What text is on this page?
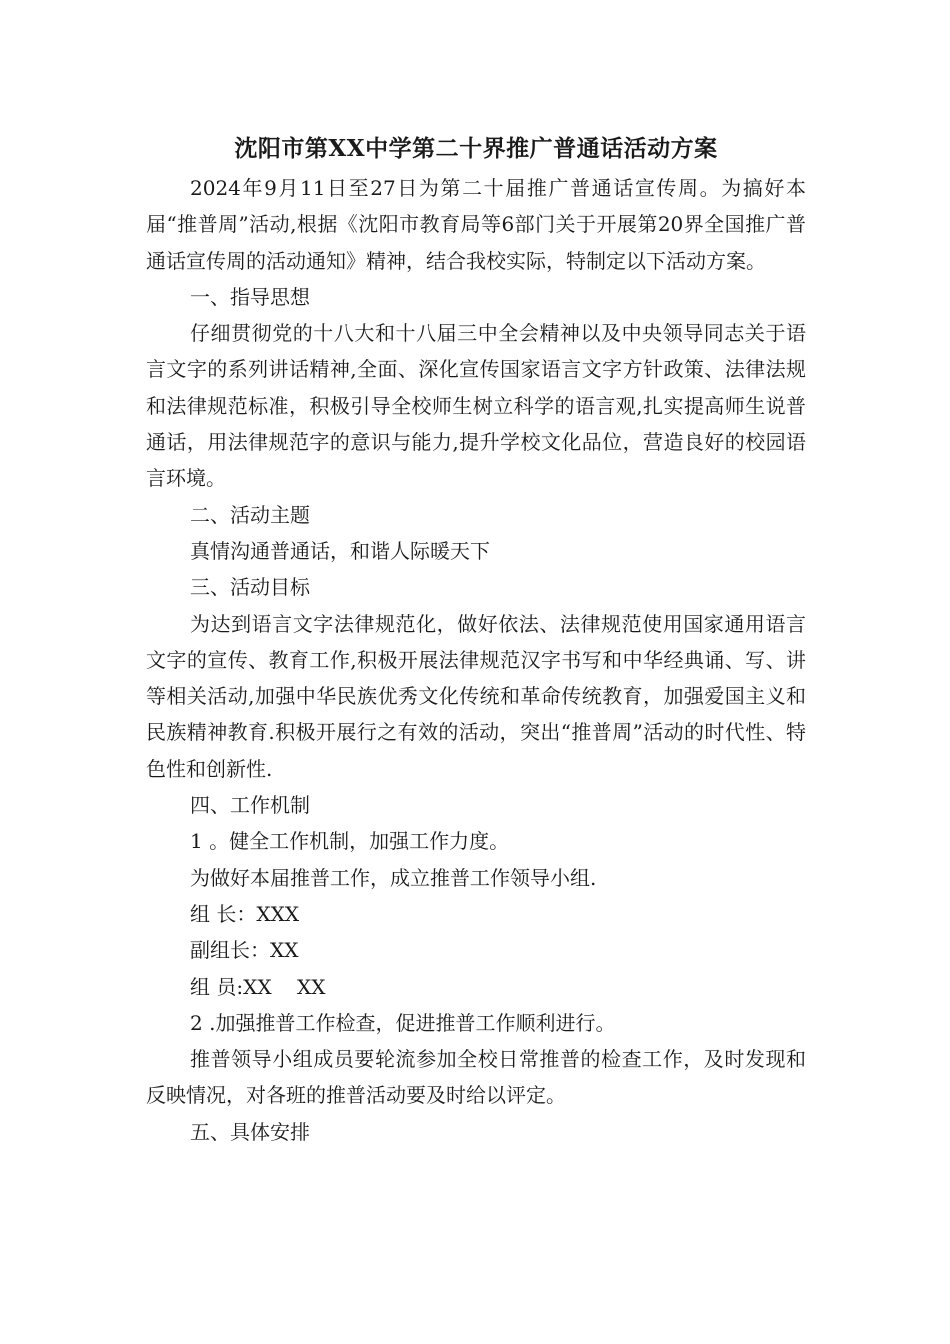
沈阳市第XX中学第二十界推广普通话活动方案

2024年9月11日至27日为第二十届推广普通话宣传周。为搞好本届“推普周”活动,根据《沈阳市教育局等6部门关于开展第20界全国推广普通话宣传周的活动通知》精神，结合我校实际，特制定以下活动方案。

一、指导思想

仔细贯彻党的十八大和十八届三中全会精神以及中央领导同志关于语言文字的系列讲话精神,全面、深化宣传国家语言文字方针政策、法律法规和法律规范标准，积极引导全校师生树立科学的语言观,扎实提高师生说普通话，用法律规范字的意识与能力,提升学校文化品位，营造良好的校园语言环境。

二、活动主题

真情沟通普通话，和谐人际暖天下

三、活动目标

为达到语言文字法律规范化，做好依法、法律规范使用国家通用语言文字的宣传、教育工作,积极开展法律规范汉字书写和中华经典诵、写、讲等相关活动,加强中华民族优秀文化传统和革命传统教育，加强爱国主义和民族精神教育.积极开展行之有效的活动，突出“推普周”活动的时代性、特色性和创新性.

四、工作机制

1 。健全工作机制，加强工作力度。

为做好本届推普工作，成立推普工作领导小组.

组 长：XXX

副组长：XX

组 员:XX    XX

2 .加强推普工作检查，促进推普工作顺利进行。

推普领导小组成员要轮流参加全校日常推普的检查工作，及时发现和反映情况，对各班的推普活动要及时给以评定。

五、具体安排
